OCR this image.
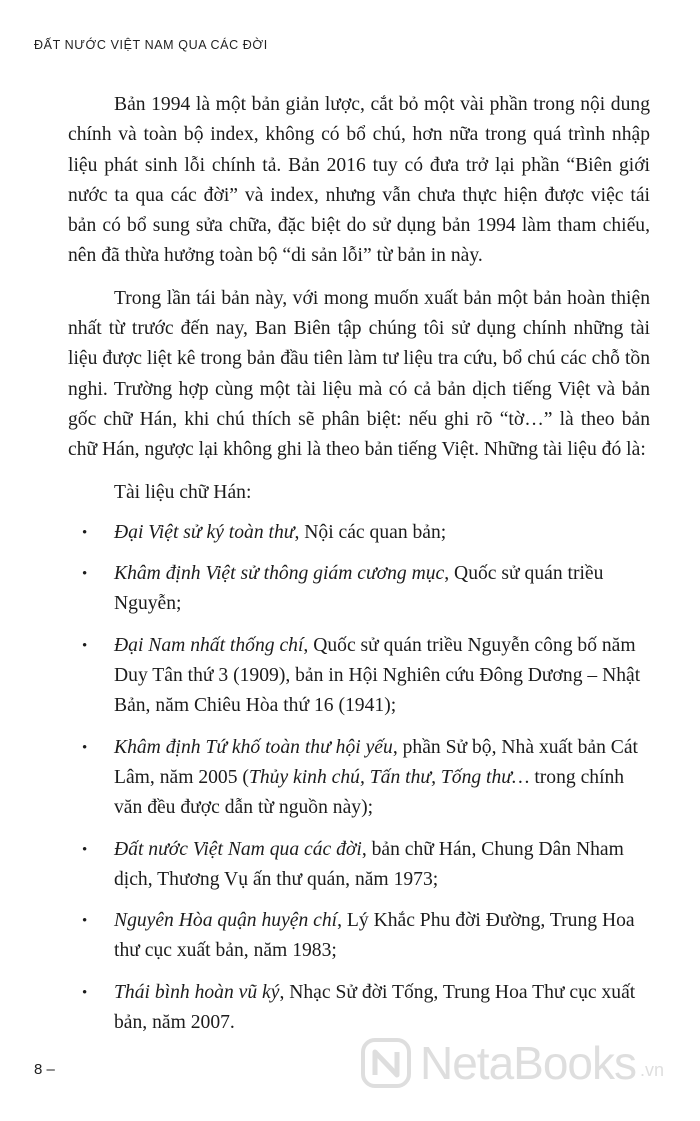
ĐẤT NƯỚC VIỆT NAM QUA CÁC ĐỜI

Bản 1994 là một bản giản lược, cắt bỏ một vài phần trong nội dung chính và toàn bộ index, không có bổ chú, hơn nữa trong quá trình nhập liệu phát sinh lỗi chính tả. Bản 2016 tuy có đưa trở lại phần “Biên giới nước ta qua các đời” và index, nhưng vẫn chưa thực hiện được việc tái bản có bổ sung sửa chữa, đặc biệt do sử dụng bản 1994 làm tham chiếu, nên đã thừa hưởng toàn bộ “di sản lỗi” từ bản in này.

Trong lần tái bản này, với mong muốn xuất bản một bản hoàn thiện nhất từ trước đến nay, Ban Biên tập chúng tôi sử dụng chính những tài liệu được liệt kê trong bản đầu tiên làm tư liệu tra cứu, bổ chú các chỗ tồn nghi. Trường hợp cùng một tài liệu mà có cả bản dịch tiếng Việt và bản gốc chữ Hán, khi chú thích sẽ phân biệt: nếu ghi rõ “tờ…” là theo bản chữ Hán, ngược lại không ghi là theo bản tiếng Việt. Những tài liệu đó là:

Tài liệu chữ Hán:

Đại Việt sử ký toàn thư, Nội các quan bản;
Khâm định Việt sử thông giám cương mục, Quốc sử quán triều Nguyễn;
Đại Nam nhất thống chí, Quốc sử quán triều Nguyễn công bố năm Duy Tân thứ 3 (1909), bản in Hội Nghiên cứu Đông Dương – Nhật Bản, năm Chiêu Hòa thứ 16 (1941);
Khâm định Tứ khố toàn thư hội yếu, phần Sử bộ, Nhà xuất bản Cát Lâm, năm 2005 (Thủy kinh chú, Tấn thư, Tống thư… trong chính văn đều được dẫn từ nguồn này);
Đất nước Việt Nam qua các đời, bản chữ Hán, Chung Dân Nham dịch, Thương Vụ ấn thư quán, năm 1973;
Nguyên Hòa quận huyện chí, Lý Khắc Phu đời Đường, Trung Hoa thư cục xuất bản, năm 1983;
Thái bình hoàn vũ ký, Nhạc Sử đời Tống, Trung Hoa Thư cục xuất bản, năm 2007.
8 –	NetaBooks .vn
